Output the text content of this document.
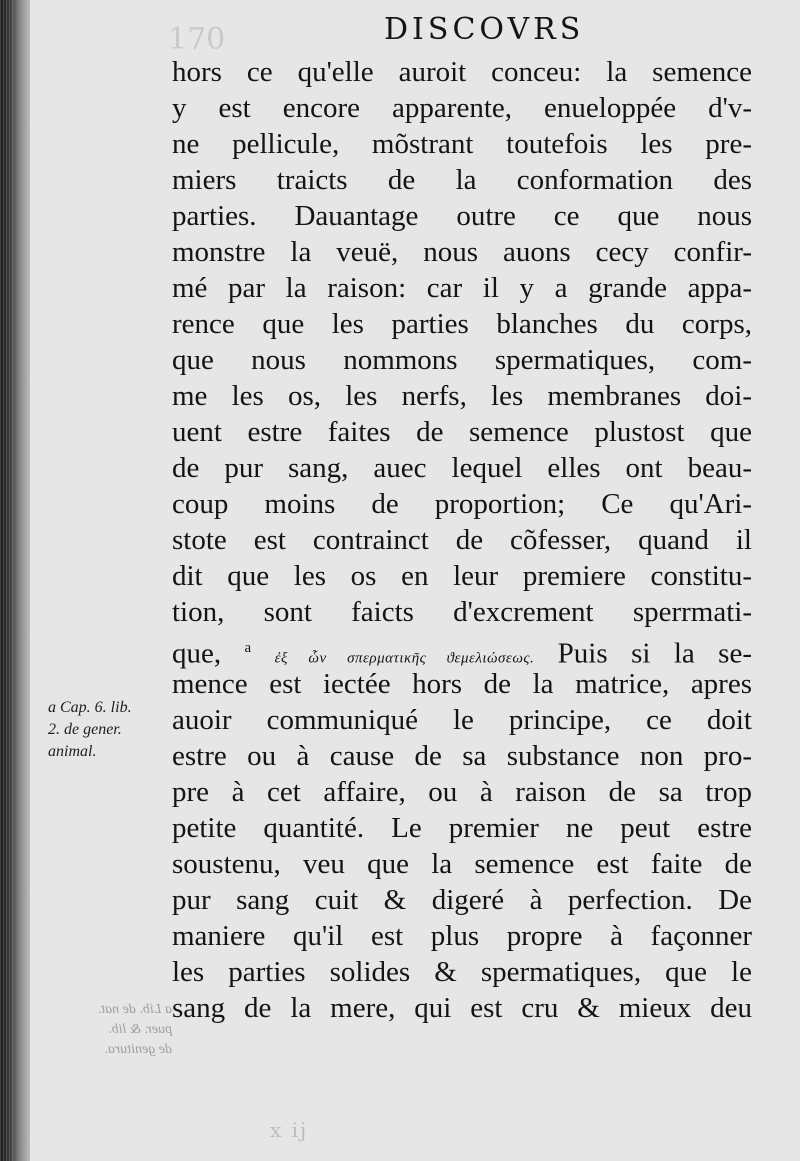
170	DISCOVRS
hors ce qu'elle auroit conceu: la semence
y est encore apparente, enueloppée d'v-
ne pellicule, mõstrant toutefois les pre-
miers traicts de la conformation des
parties. Dauantage outre ce que nous
monstre la veuë, nous auons cecy confir-
mé par la raison: car il y a grande appa-
rence que les parties blanches du corps,
que nous nommons spermatiques, com-
me les os, les nerfs, les membranes doi-
uent estre faites de semence plustost que
de pur sang, auec lequel elles ont beau-
coup moins de proportion; Ce qu'Ari-
stote est contrainct de cõfesser, quand il
dit que les os en leur premiere constitu-
tion, sont faicts d'excrement sperrmati-
que, $^a$ ἐξ ὧν σπερματικῆς ϑεμελιώσεως. Puis si la se-
mence est iectée hors de la matrice, apres
auoir communiqué le principe, ce doit
estre ou à cause de sa substance non pro-
pre à cet affaire, ou à raison de sa trop
petite quantité. Le premier ne peut estre
soustenu, veu que la semence est faite de
pur sang cuit & digeré à perfection. De
maniere qu'il est plus propre à façonner
les parties solides & spermatiques, que le
sang de la mere, qui est cru & mieux deu
a Cap. 6. lib.
2. de gener.
animal.
a Lib. de nat.
puer. & lib.
de genitura.
x ij
